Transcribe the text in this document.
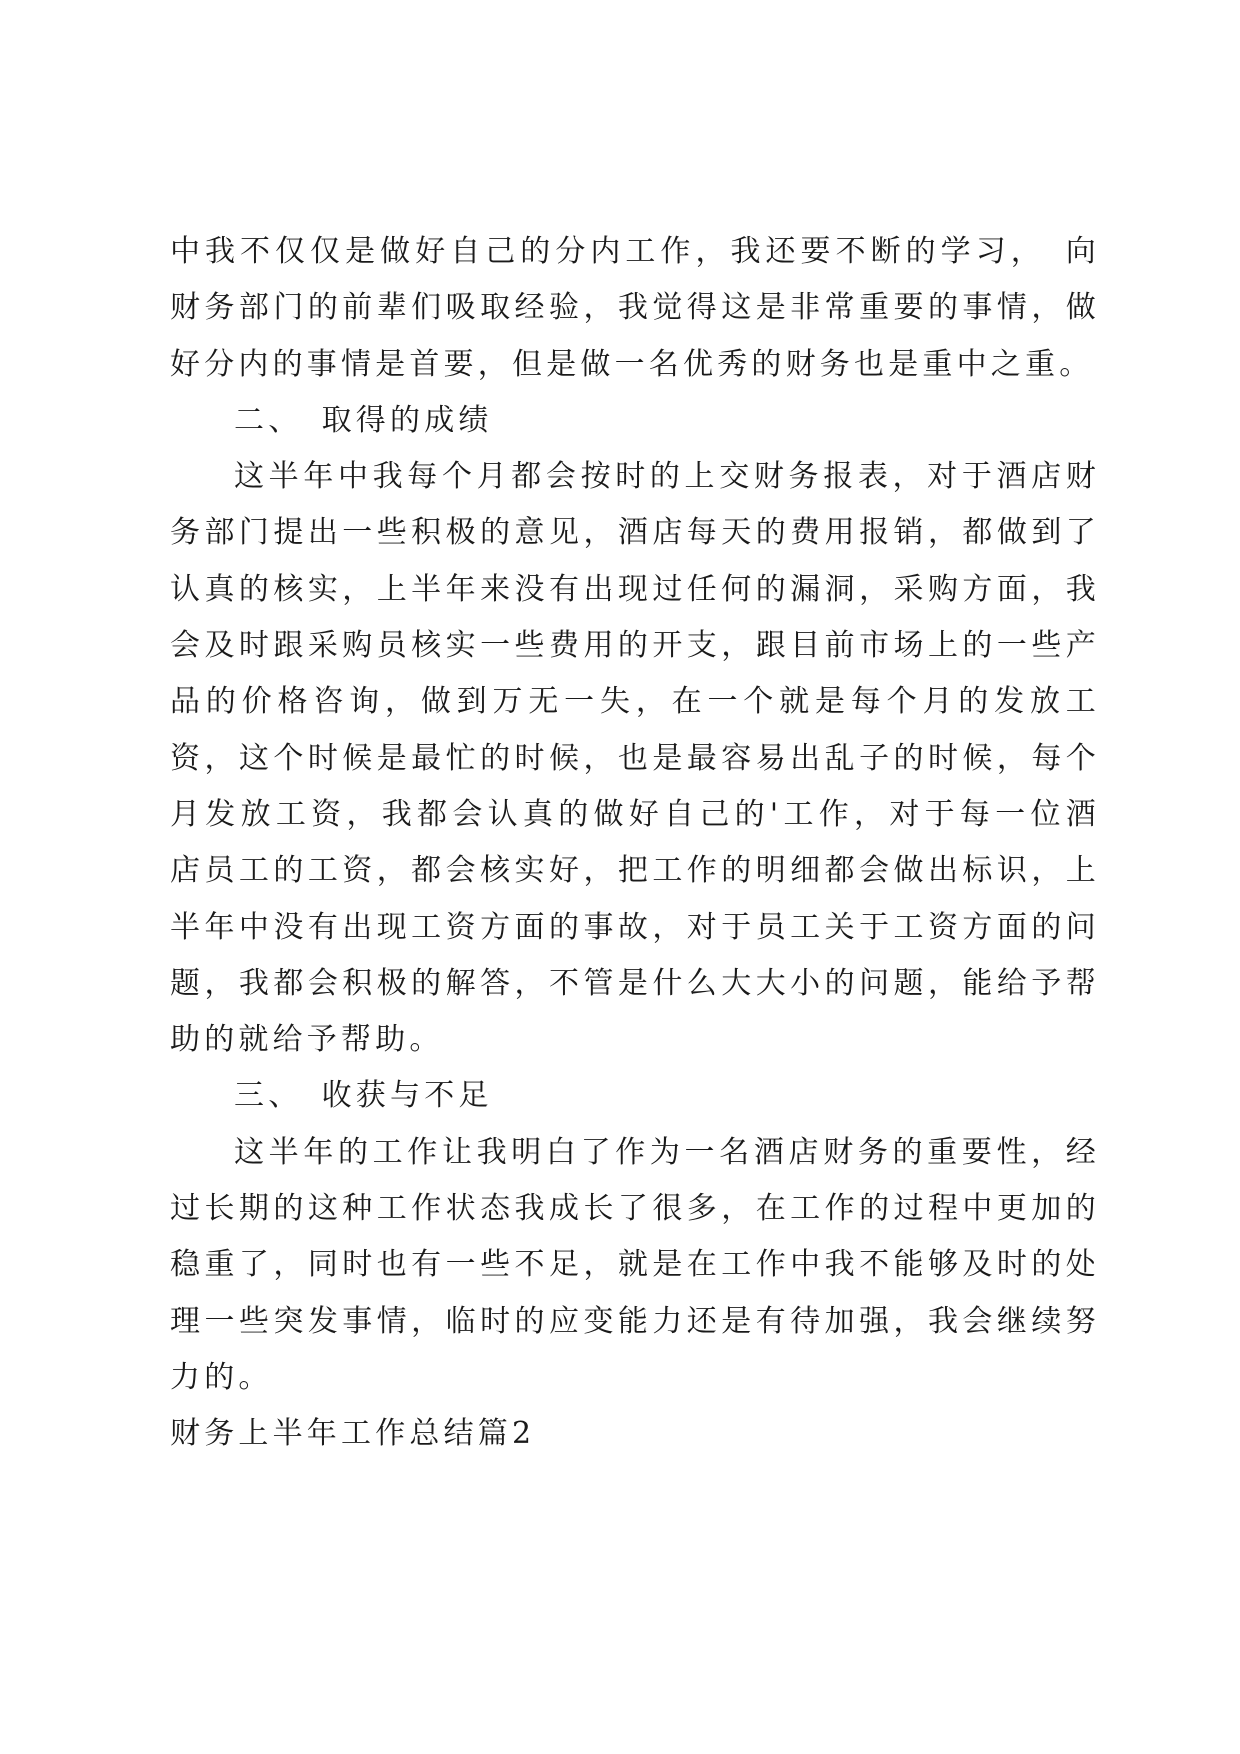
中我不仅仅是做好自己的分内工作，我还要不断的学习，　向财务部门的前辈们吸取经验，我觉得这是非常重要的事情，做好分内的事情是首要，但是做一名优秀的财务也是重中之重。

二、　取得的成绩

这半年中我每个月都会按时的上交财务报表，对于酒店财务部门提出一些积极的意见，酒店每天的费用报销，都做到了认真的核实，上半年来没有出现过任何的漏洞，采购方面，我会及时跟采购员核实一些费用的开支，跟目前市场上的一些产品的价格咨询，做到万无一失，在一个就是每个月的发放工资，这个时候是最忙的时候，也是最容易出乱子的时候，每个月发放工资，我都会认真的做好自己的'工作，对于每一位酒店员工的工资，都会核实好，把工作的明细都会做出标识，上半年中没有出现工资方面的事故，对于员工关于工资方面的问题，我都会积极的解答，不管是什么大大小的问题，能给予帮助的就给予帮助。

三、　收获与不足

这半年的工作让我明白了作为一名酒店财务的重要性，经过长期的这种工作状态我成长了很多，在工作的过程中更加的稳重了，同时也有一些不足，就是在工作中我不能够及时的处理一些突发事情，临时的应变能力还是有待加强，我会继续努力的。

财务上半年工作总结篇2
